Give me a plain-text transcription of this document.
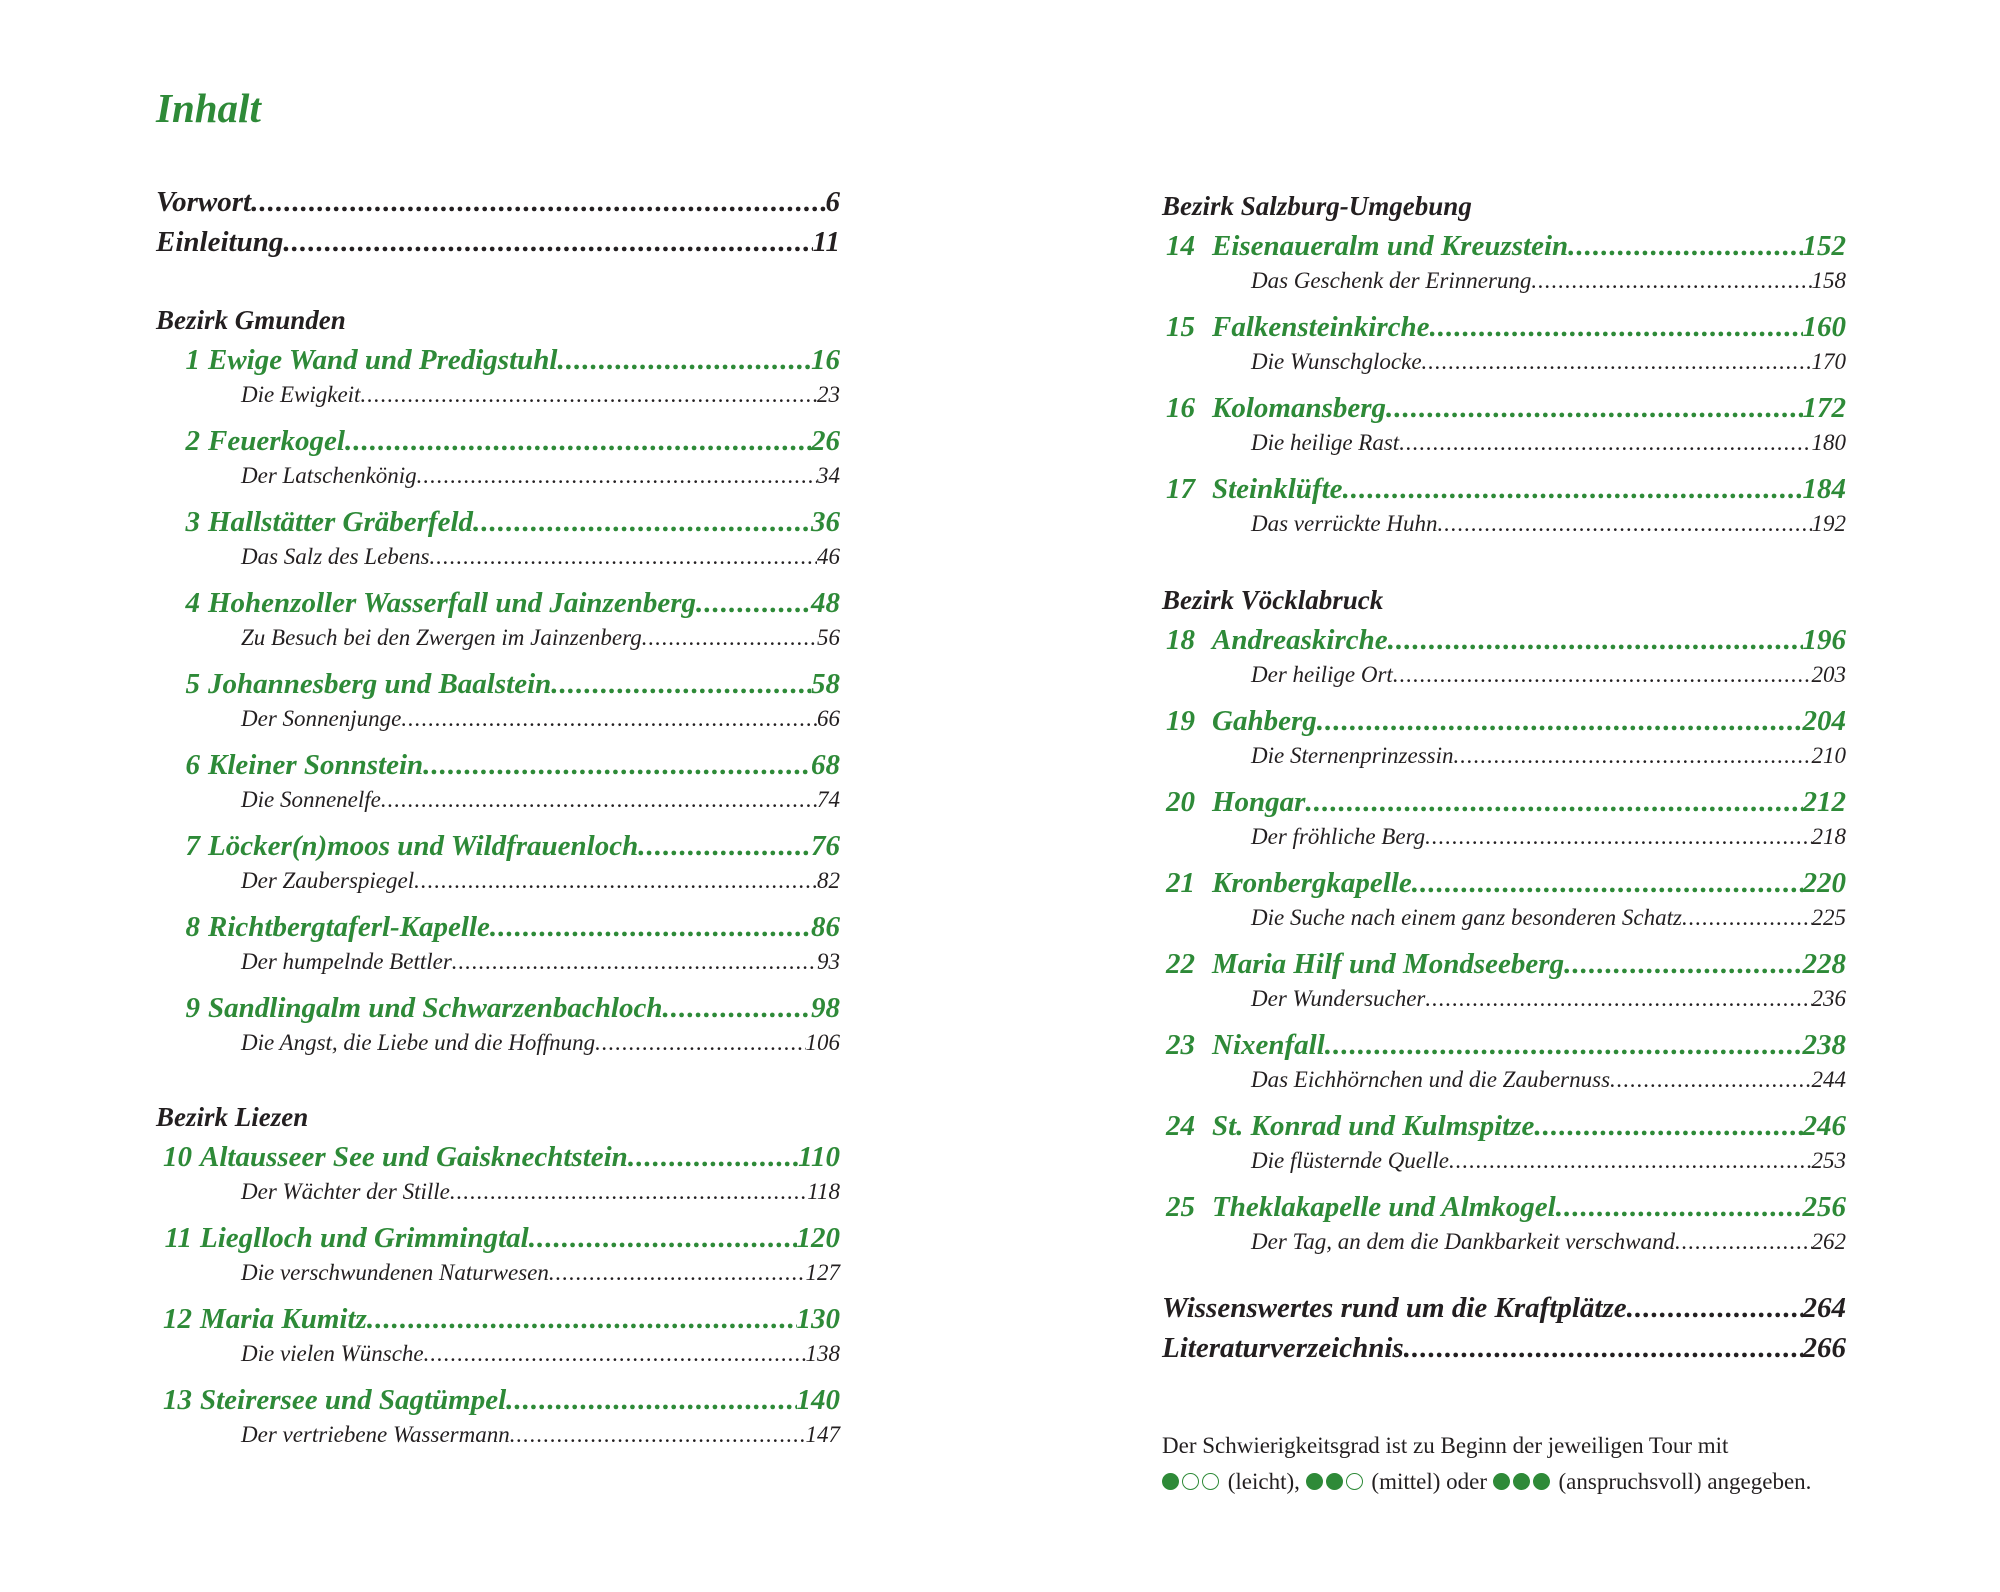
Inhalt
Vorwort .....	6
Einleitung .....	11
Bezirk Gmunden
1 Ewige Wand und Predigstuhl .....	16
Die Ewigkeit .....	23
2 Feuerkogel .....	26
Der Latschenkönig .....	34
3 Hallstätter Gräberfeld .....	36
Das Salz des Lebens .....	46
4 Hohenzoller Wasserfall und Jainzenberg .....	48
Zu Besuch bei den Zwergen im Jainzenberg .....	56
5 Johannesberg und Baalstein .....	58
Der Sonnenjunge .....	66
6 Kleiner Sonnstein .....	68
Die Sonnenelfe .....	74
7 Löcker(n)moos und Wildfrauenloch .....	76
Der Zauberspiegel .....	82
8 Richtbergtaferl-Kapelle .....	86
Der humpelnde Bettler .....	93
9 Sandlingalm und Schwarzenbachloch .....	98
Die Angst, die Liebe und die Hoffnung .....	106
Bezirk Liezen
10 Altausseer See und Gaisknechtstein .....	110
Der Wächter der Stille .....	118
11 Lieglloch und Grimmingtal .....	120
Die verschwundenen Naturwesen .....	127
12 Maria Kumitz .....	130
Die vielen Wünsche .....	138
13 Steirersee und Sagtümpel .....	140
Der vertriebene Wassermann .....	147
Bezirk Salzburg-Umgebung
14 Eisenaueralm und Kreuzstein .....	152
Das Geschenk der Erinnerung .....	158
15 Falkensteinkirche .....	160
Die Wunschglocke .....	170
16 Kolomansberg .....	172
Die heilige Rast .....	180
17 Steinklüfte .....	184
Das verrückte Huhn .....	192
Bezirk Vöcklabruck
18 Andreaskirche .....	196
Der heilige Ort .....	203
19 Gahberg .....	204
Die Sternenprinzessin .....	210
20 Hongar .....	212
Der fröhliche Berg .....	218
21 Kronbergkapelle .....	220
Die Suche nach einem ganz besonderen Schatz .....	225
22 Maria Hilf und Mondseeberg .....	228
Der Wundersucher .....	236
23 Nixenfall .....	238
Das Eichhörnchen und die Zaubernuss .....	244
24 St. Konrad und Kulmspitze .....	246
Die flüsternde Quelle .....	253
25 Theklakapelle und Almkogel .....	256
Der Tag, an dem die Dankbarkeit verschwand .....	262
Wissenswertes rund um die Kraftplätze .....	264
Literaturverzeichnis .....	266
Der Schwierigkeitsgrad ist zu Beginn der jeweiligen Tour mit
(leicht),	(mittel) oder	(anspruchsvoll) angegeben.
